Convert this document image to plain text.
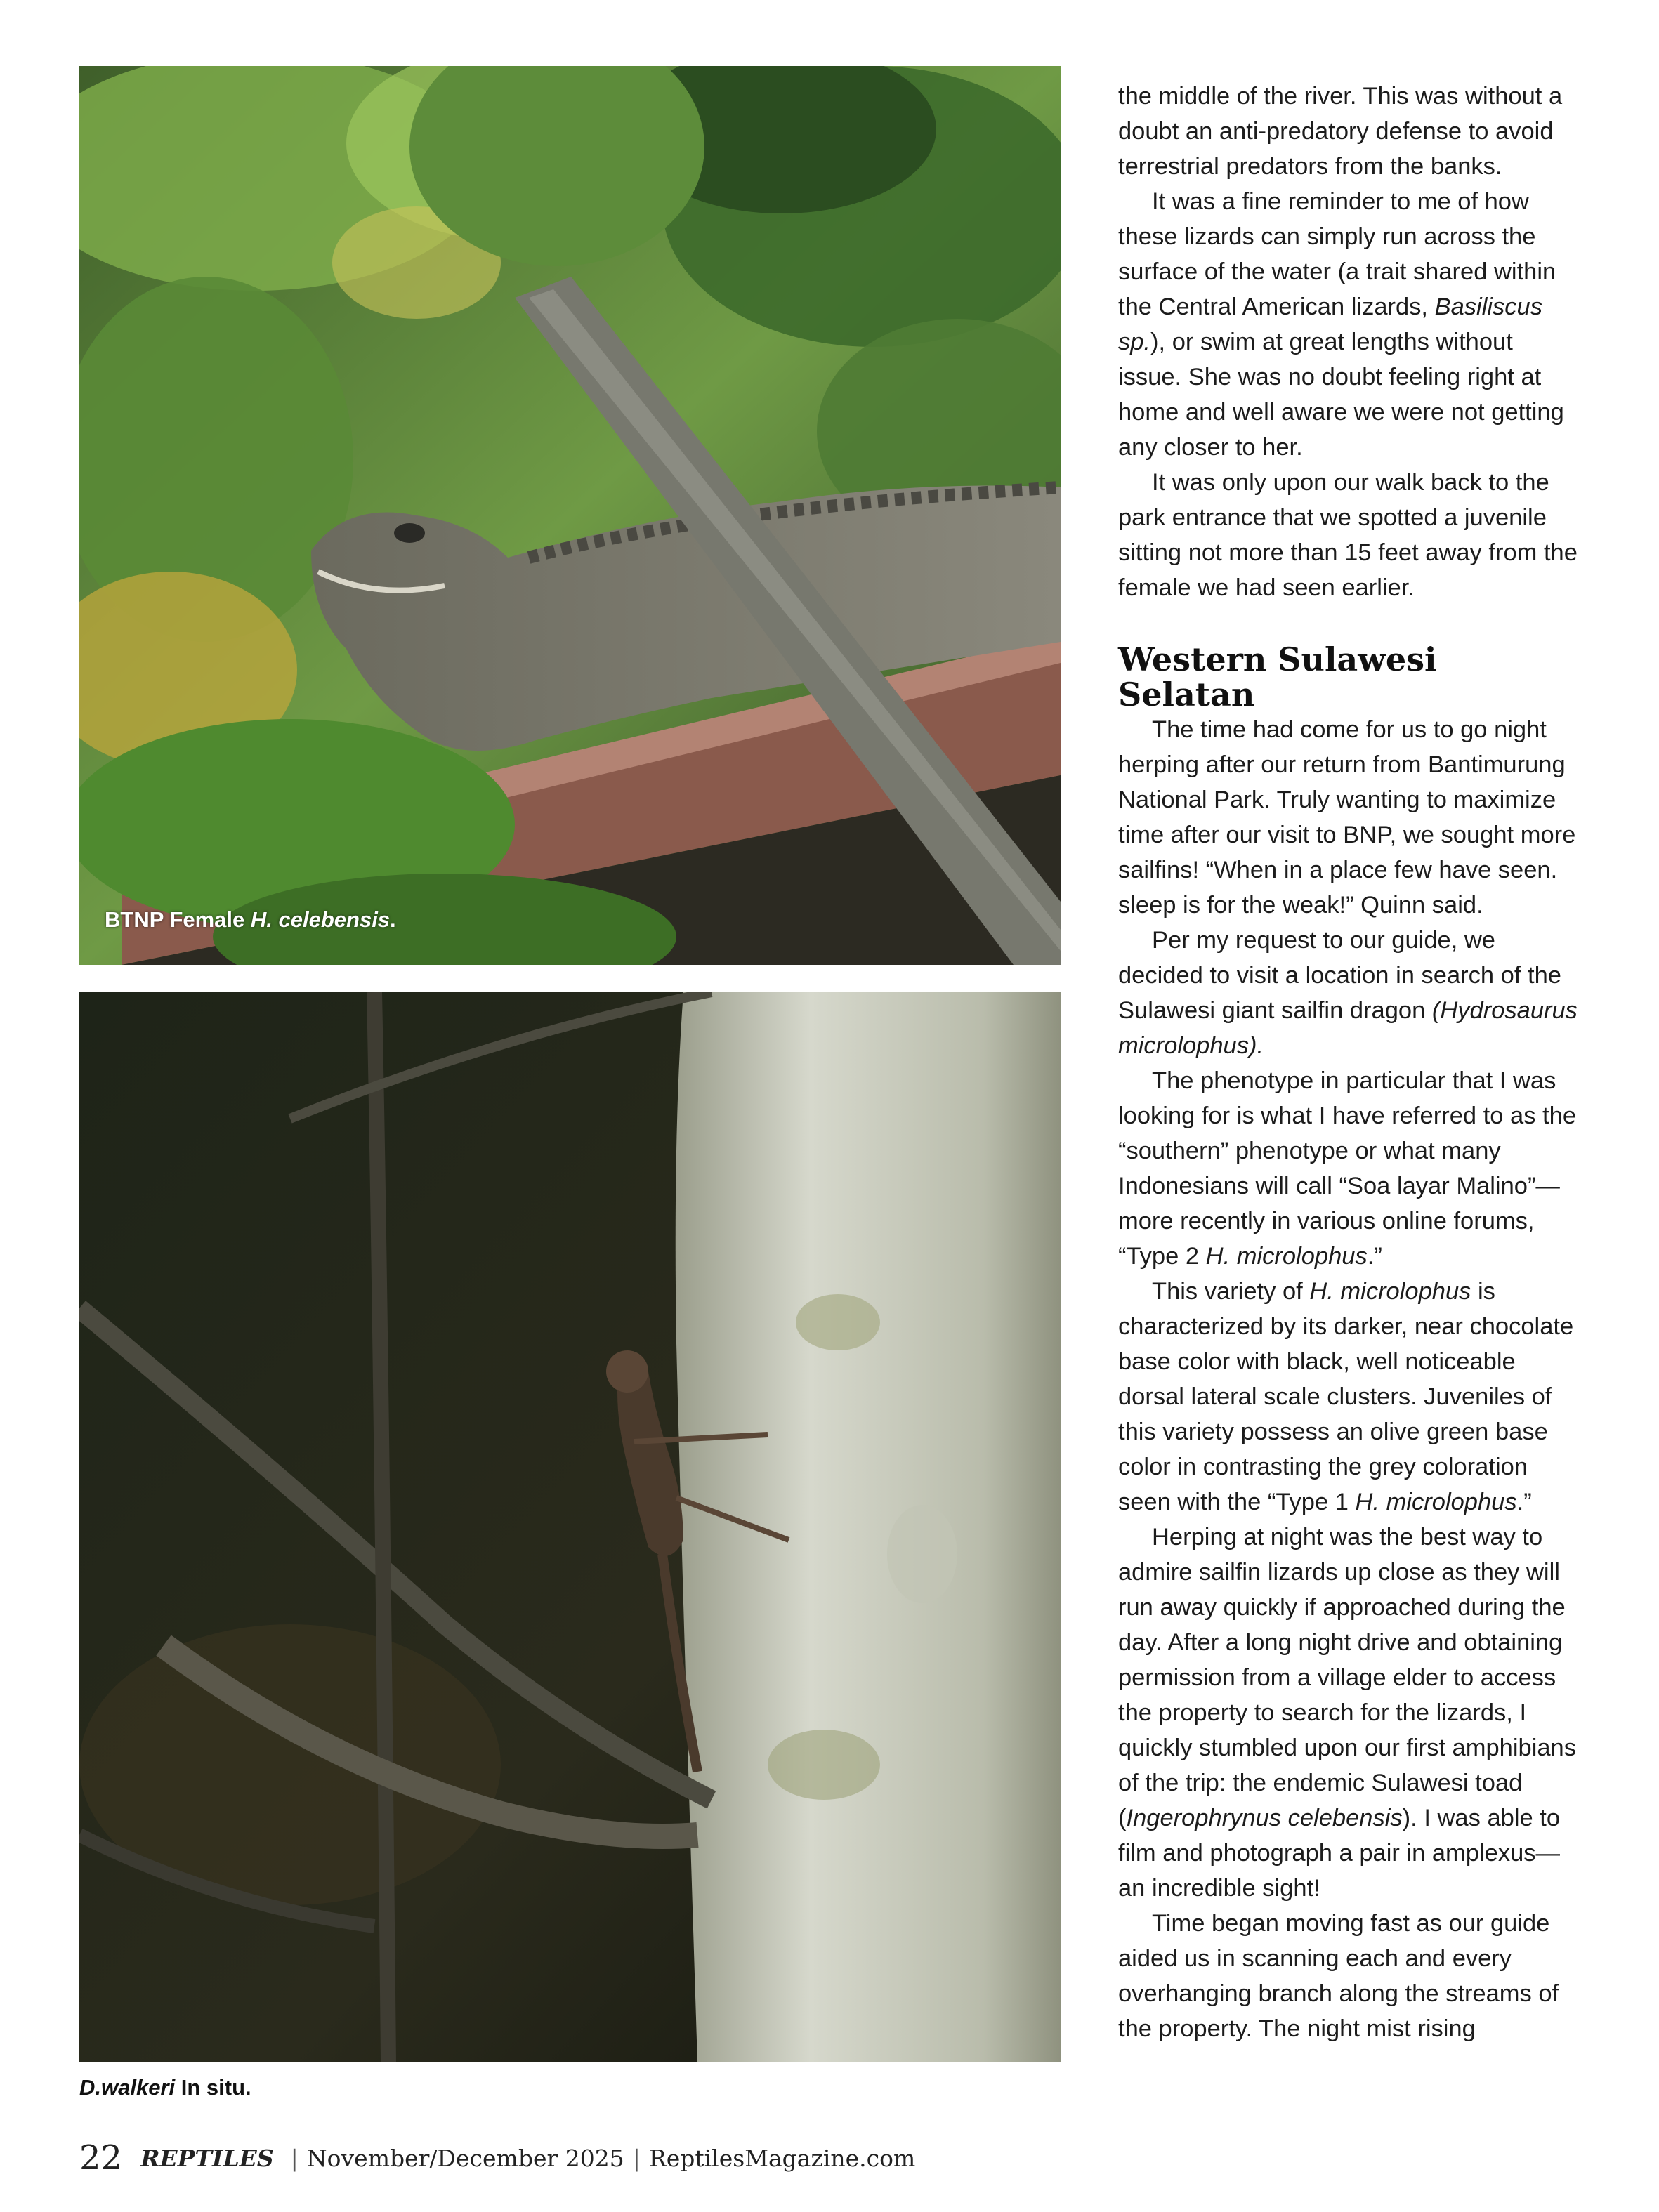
BTNP Female H. celebensis.
D.walkeri In situ.

the middle of the river. This was without a doubt an anti-predatory defense to avoid terrestrial predators from the banks.

It was a fine reminder to me of how these lizards can simply run across the surface of the water (a trait shared within the Central American lizards, Basiliscus sp.), or swim at great lengths without issue. She was no doubt feeling right at home and well aware we were not getting any closer to her.

It was only upon our walk back to the park entrance that we spotted a juvenile sitting not more than 15 feet away from the female we had seen earlier.

Western Sulawesi Selatan

The time had come for us to go night herping after our return from Bantimurung National Park. Truly wanting to maximize time after our visit to BNP, we sought more sailfins! “When in a place few have seen. sleep is for the weak!” Quinn said.

Per my request to our guide, we decided to visit a location in search of the Sulawesi giant sailfin dragon (Hydrosaurus microlophus).

The phenotype in particular that I was looking for is what I have referred to as the “southern” phenotype or what many Indonesians will call “Soa layar Malino”— more recently in various online forums, “Type 2 H. microlophus.”

This variety of H. microlophus is characterized by its darker, near chocolate base color with black, well noticeable dorsal lateral scale clusters. Juveniles of this variety possess an olive green base color in contrasting the grey coloration seen with the “Type 1 H. microlophus.”

Herping at night was the best way to admire sailfin lizards up close as they will run away quickly if approached during the day. After a long night drive and obtaining permission from a village elder to access the property to search for the lizards, I quickly stumbled upon our first amphibians of the trip: the endemic Sulawesi toad (Ingerophrynus celebensis). I was able to film and photograph a pair in amplexus— an incredible sight!

Time began moving fast as our guide aided us in scanning each and every overhanging branch along the streams of the property. The night mist rising

22 REPTILES | November/December 2025 | ReptilesMagazine.com
